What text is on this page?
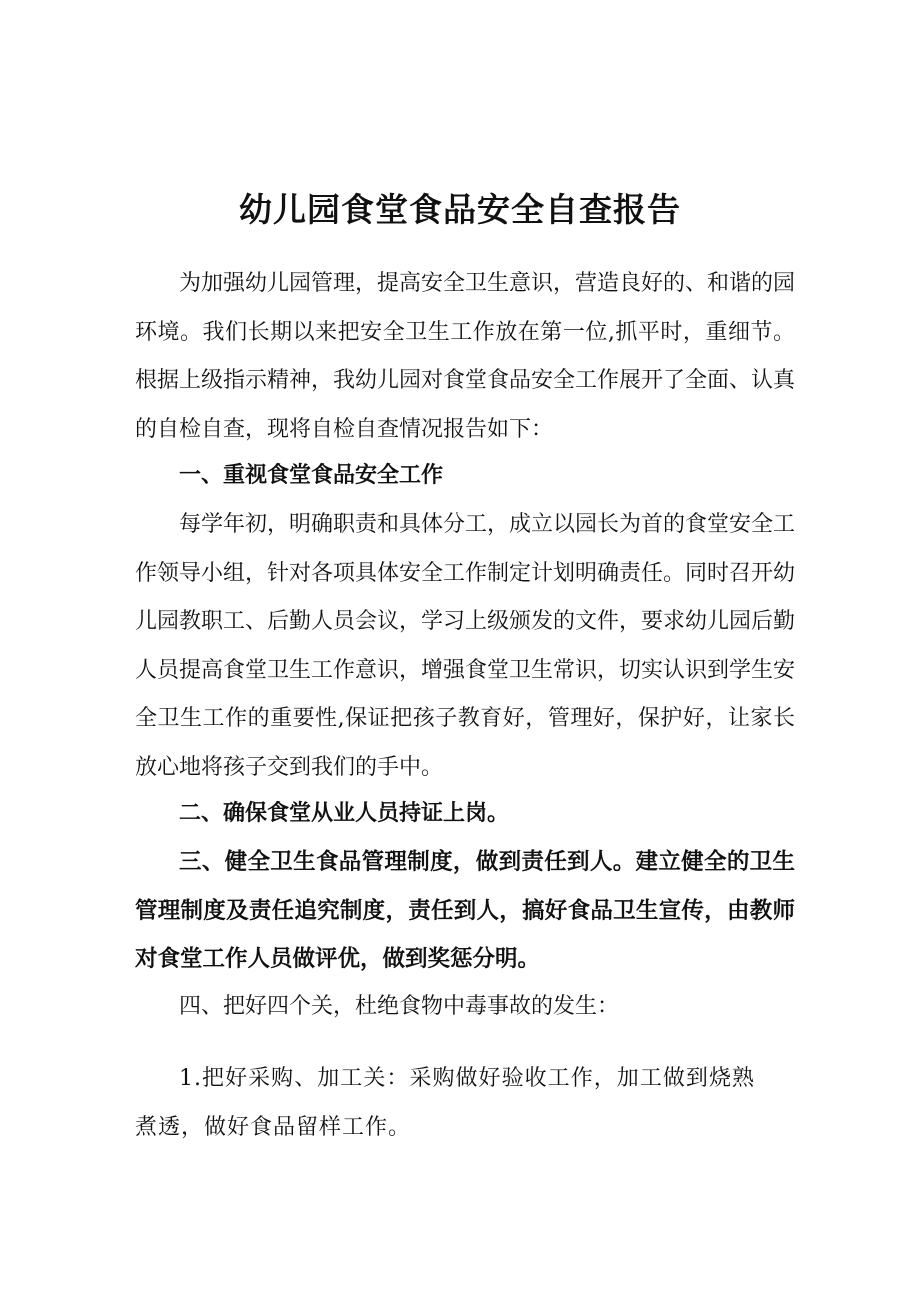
幼儿园食堂食品安全自查报告

为加强幼儿园管理，提高安全卫生意识，营造良好的、和谐的园环境。我们长期以来把安全卫生工作放在第一位,抓平时，重细节。根据上级指示精神，我幼儿园对食堂食品安全工作展开了全面、认真的自检自查，现将自检自查情况报告如下：

一、重视食堂食品安全工作

每学年初，明确职责和具体分工，成立以园长为首的食堂安全工作领导小组，针对各项具体安全工作制定计划明确责任。同时召开幼儿园教职工、后勤人员会议，学习上级颁发的文件，要求幼儿园后勤人员提高食堂卫生工作意识，增强食堂卫生常识，切实认识到学生安全卫生工作的重要性,保证把孩子教育好，管理好，保护好，让家长放心地将孩子交到我们的手中。

二、确保食堂从业人员持证上岗。

三、健全卫生食品管理制度，做到责任到人。建立健全的卫生管理制度及责任追究制度，责任到人，搞好食品卫生宣传，由教师对食堂工作人员做评优，做到奖惩分明。

四、把好四个关，杜绝食物中毒事故的发生：

1.把好采购、加工关：采购做好验收工作，加工做到烧熟煮透，做好食品留样工作。
